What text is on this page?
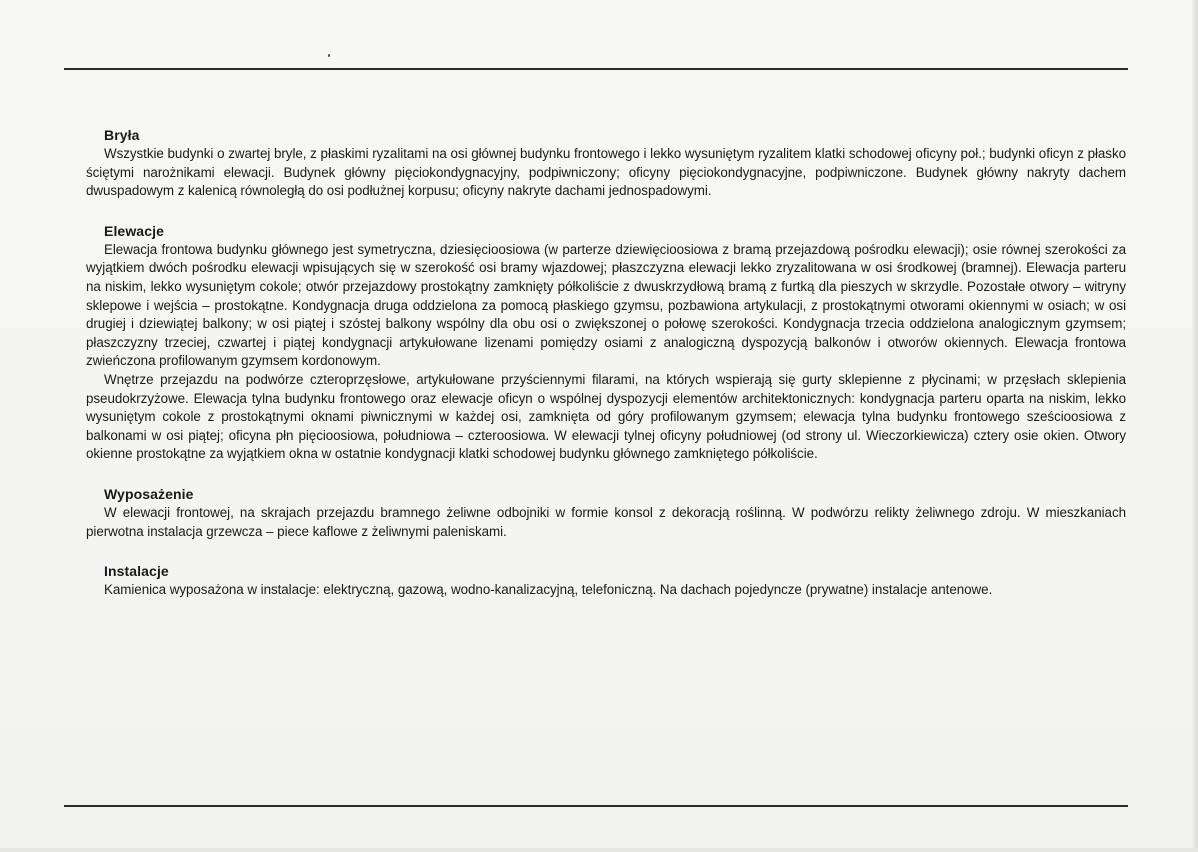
Bryła

Wszystkie budynki o zwartej bryle, z płaskimi ryzalitami na osi głównej budynku frontowego i lekko wysuniętym ryzalitem klatki schodowej oficyny poł.; budynki oficyn z płasko ściętymi narożnikami elewacji. Budynek główny pięciokondygnacyjny, podpiwniczony; oficyny pięciokondygnacyjne, podpiwniczone. Budynek główny nakryty dachem dwuspadowym z kalenicą równoległą do osi podłużnej korpusu; oficyny nakryte dachami jednospadowymi.

Elewacje

Elewacja frontowa budynku głównego jest symetryczna, dziesięcioosiowa (w parterze dziewięcioosiowa z bramą przejazdową pośrodku elewacji); osie równej szerokości za wyjątkiem dwóch pośrodku elewacji wpisujących się w szerokość osi bramy wjazdowej; płaszczyzna elewacji lekko zryzalitowana w osi środkowej (bramnej). Elewacja parteru na niskim, lekko wysuniętym cokole; otwór przejazdowy prostokątny zamknięty półkoliście z dwuskrzydłową bramą z furtką dla pieszych w skrzydle. Pozostałe otwory – witryny sklepowe i wejścia – prostokątne. Kondygnacja druga oddzielona za pomocą płaskiego gzymsu, pozbawiona artykulacji, z prostokątnymi otworami okiennymi w osiach; w osi drugiej i dziewiątej balkony; w osi piątej i szóstej balkony wspólny dla obu osi o zwiększonej o połowę szerokości. Kondygnacja trzecia oddzielona analogicznym gzymsem; płaszczyzny trzeciej, czwartej i piątej kondygnacji artykułowane lizenami pomiędzy osiami z analogiczną dyspozycją balkonów i otworów okiennych. Elewacja frontowa zwieńczona profilowanym gzymsem kordonowym.

Wnętrze przejazdu na podwórze czteroprzęsłowe, artykułowane przyściennymi filarami, na których wspierają się gurty sklepienne z płycinami; w przęsłach sklepienia pseudokrzyżowe. Elewacja tylna budynku frontowego oraz elewacje oficyn o wspólnej dyspozycji elementów architektonicznych: kondygnacja parteru oparta na niskim, lekko wysuniętym cokole z prostokątnymi oknami piwnicznymi w każdej osi, zamknięta od góry profilowanym gzymsem; elewacja tylna budynku frontowego sześcioosiowa z balkonami w osi piątej; oficyna płn pięcioosiowa, południowa – czteroosiowa. W elewacji tylnej oficyny południowej (od strony ul. Wieczorkiewicza) cztery osie okien. Otwory okienne prostokątne za wyjątkiem okna w ostatnie kondygnacji klatki schodowej budynku głównego zamkniętego półkoliście.

Wyposażenie

W elewacji frontowej, na skrajach przejazdu bramnego żeliwne odbojniki w formie konsol z dekoracją roślinną. W podwórzu relikty żeliwnego zdroju. W mieszkaniach pierwotna instalacja grzewcza – piece kaflowe z żeliwnymi paleniskami.

Instalacje

Kamienica wyposażona w instalacje: elektryczną, gazową, wodno-kanalizacyjną, telefoniczną. Na dachach pojedyncze (prywatne) instalacje antenowe.
